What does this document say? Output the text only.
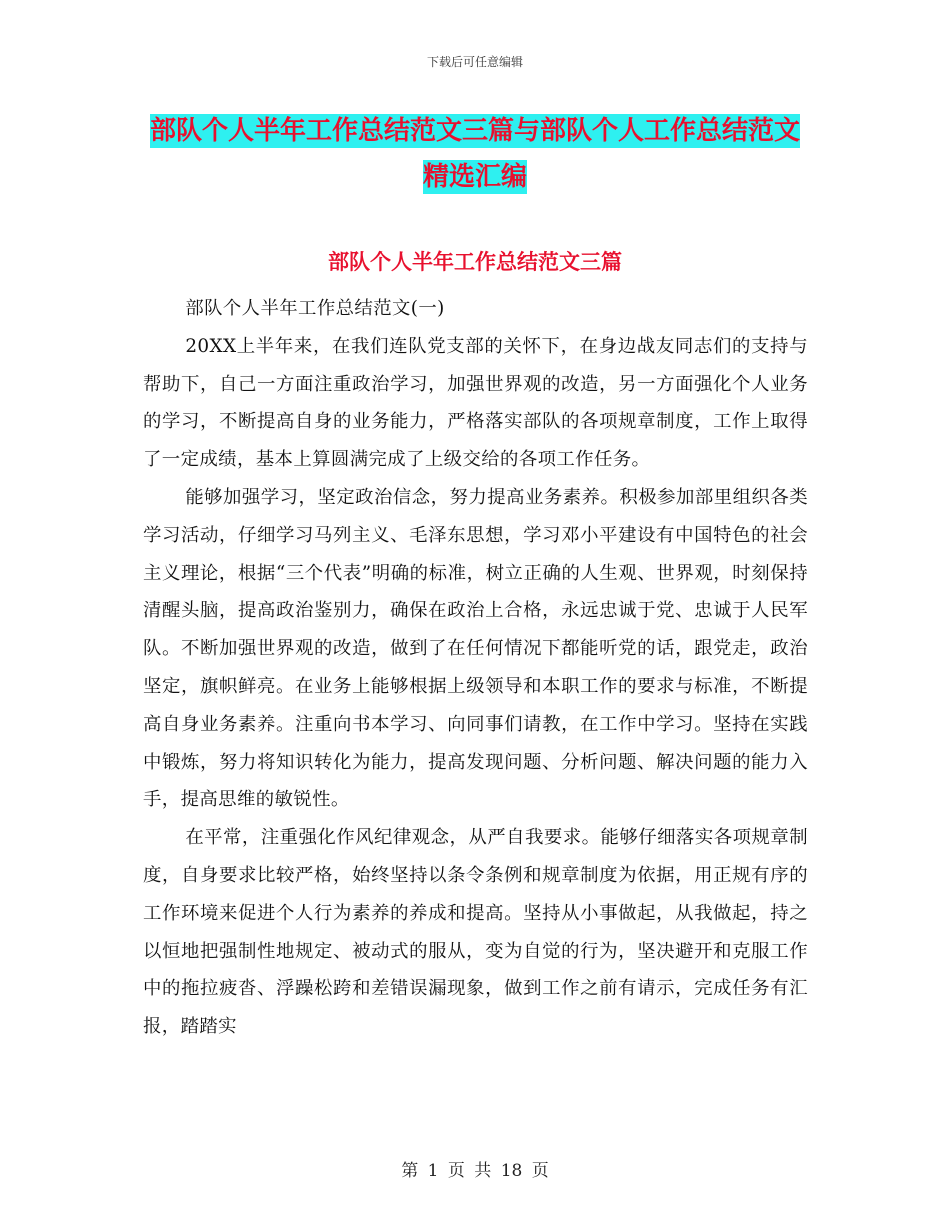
下载后可任意编辑
部队个人半年工作总结范文三篇与部队个人工作总结范文精选汇编
部队个人半年工作总结范文三篇

部队个人半年工作总结范文(一)

20XX上半年来，在我们连队党支部的关怀下，在身边战友同志们的支持与帮助下，自己一方面注重政治学习，加强世界观的改造，另一方面强化个人业务的学习，不断提高自身的业务能力，严格落实部队的各项规章制度，工作上取得了一定成绩，基本上算圆满完成了上级交给的各项工作任务。

能够加强学习，坚定政治信念，努力提高业务素养。积极参加部里组织各类学习活动，仔细学习马列主义、毛泽东思想，学习邓小平建设有中国特色的社会主义理论，根据“三个代表”明确的标准，树立正确的人生观、世界观，时刻保持清醒头脑，提高政治鉴别力，确保在政治上合格，永远忠诚于党、忠诚于人民军队。不断加强世界观的改造，做到了在任何情况下都能听党的话，跟党走，政治坚定，旗帜鲜亮。在业务上能够根据上级领导和本职工作的要求与标准，不断提高自身业务素养。注重向书本学习、向同事们请教，在工作中学习。坚持在实践中锻炼，努力将知识转化为能力，提高发现问题、分析问题、解决问题的能力入手，提高思维的敏锐性。

在平常，注重强化作风纪律观念，从严自我要求。能够仔细落实各项规章制度，自身要求比较严格，始终坚持以条令条例和规章制度为依据，用正规有序的工作环境来促进个人行为素养的养成和提高。坚持从小事做起，从我做起，持之以恒地把强制性地规定、被动式的服从，变为自觉的行为，坚决避开和克服工作中的拖拉疲沓、浮躁松跨和差错误漏现象，做到工作之前有请示，完成任务有汇报，踏踏实

第 1 页 共 18 页
